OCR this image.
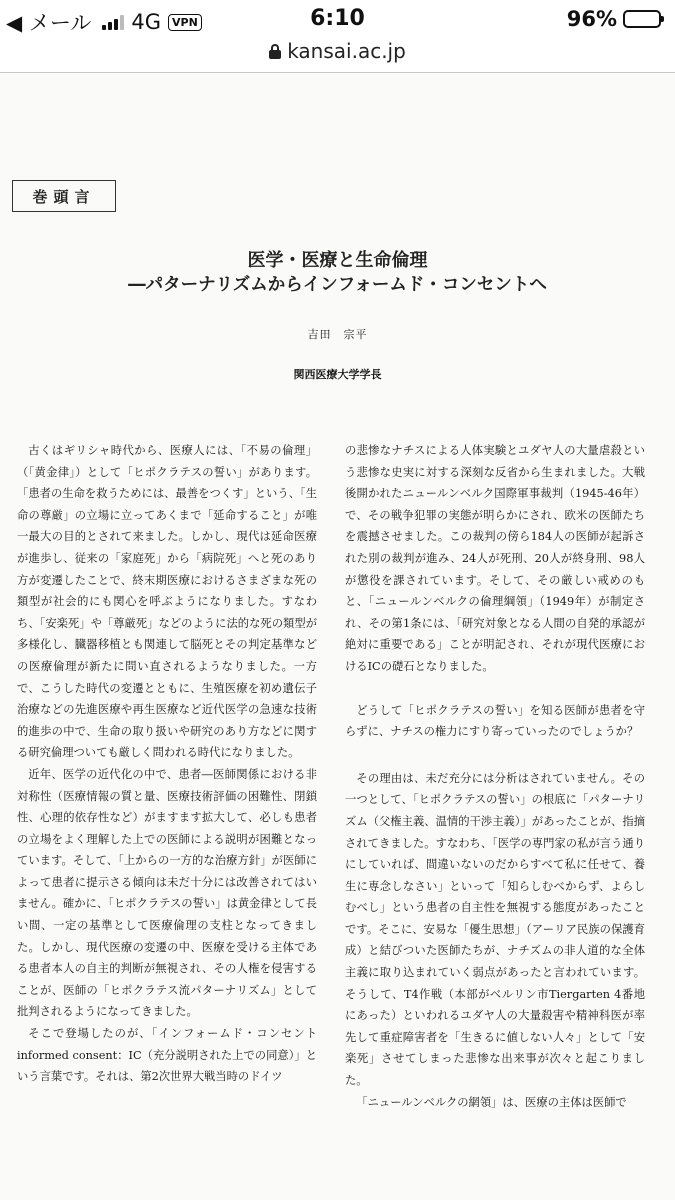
◀ メール 4G	VPN	6:10	96%
kansai.ac.jp
巻頭言
医学・医療と生命倫理
―パターナリズムからインフォームド・コンセントへ
吉田　宗平
関西医療大学学長

古くはギリシャ時代から、医療人には、「不易の倫理」（「黄金律」）として「ヒポクラテスの誓い」があります。「患者の生命を救うためには、最善をつくす」という、「生命の尊厳」の立場に立ってあくまで「延命すること」が唯一最大の目的とされて来ました。しかし、現代は延命医療が進歩し、従来の「家庭死」から「病院死」へと死のあり方が変遷したことで、終末期医療におけるさまざまな死の類型が社会的にも関心を呼ぶようになりました。すなわち、「安楽死」や「尊厳死」などのように法的な死の類型が多様化し、臓器移植とも関連して脳死とその判定基準などの医療倫理が新たに問い直されるようなりました。一方で、こうした時代の変遷とともに、生殖医療を初め遺伝子治療などの先進医療や再生医療など近代医学の急速な技術的進歩の中で、生命の取り扱いや研究のあり方などに関する研究倫理ついても厳しく問われる時代になりました。

近年、医学の近代化の中で、患者―医師関係における非対称性（医療情報の質と量、医療技術評価の困難性、閉鎖性、心理的依存性など）がますます拡大して、必しも患者の立場をよく理解した上での医師による説明が困難となっています。そして、「上からの一方的な治療方針」が医師によって患者に提示さる傾向は未だ十分には改善されてはいません。確かに、「ヒポクラテスの誓い」は黄金律として長い間、一定の基準として医療倫理の支柱となってきました。しかし、現代医療の変遷の中、医療を受ける主体である患者本人の自主的判断が無視され、その人権を侵害することが、医師の「ヒポクラテス流パターナリズム」として批判されるようになってきました。

そこで登場したのが、「インフォームド・コンセント informed consent：IC（充分説明された上での同意）」という言葉です。それは、第2次世界大戦当時のドイツ

の悲惨なナチスによる人体実験とユダヤ人の大量虐殺という悲惨な史実に対する深刻な反省から生まれました。大戦後開かれたニュールンベルク国際軍事裁判（1945-46年）で、その戦争犯罪の実態が明らかにされ、欧米の医師たちを震撼させました。この裁判の傍ら184人の医師が起訴された別の裁判が進み、24人が死刑、20人が終身刑、98人が懲役を課されています。そして、その厳しい戒めのもと、「ニュールンベルクの倫理綱領」（1949年）が制定され、その第1条には、「研究対象となる人間の自発的承認が絶対に重要である」ことが明記され、それが現代医療におけるICの礎石となりました。

どうして「ヒポクラテスの誓い」を知る医師が患者を守らずに、ナチスの権力にすり寄っていったのでしょうか？

その理由は、未だ充分には分析はされていません。その一つとして、「ヒポクラテスの誓い」の根底に「パターナリズム（父権主義、温情的干渉主義）」があったことが、指摘されてきました。すなわち、「医学の専門家の私が言う通りにしていれば、間違いないのだからすべて私に任せて、養生に専念しなさい」といって「知らしむべからず、よらしむべし」という患者の自主性を無視する態度があったことです。そこに、安易な「優生思想」（アーリア民族の保護育成）と結びついた医師たちが、ナチズムの非人道的な全体主義に取り込まれていく弱点があったと言われています。そうして、T4作戦（本部がベルリン市Tiergarten 4番地にあった）といわれるユダヤ人の大量殺害や精神科医が率先して重症障害者を「生きるに値しない人々」として「安楽死」させてしまった悲惨な出来事が次々と起こりました。

「ニュールンベルクの網領」は、医療の主体は医師で
